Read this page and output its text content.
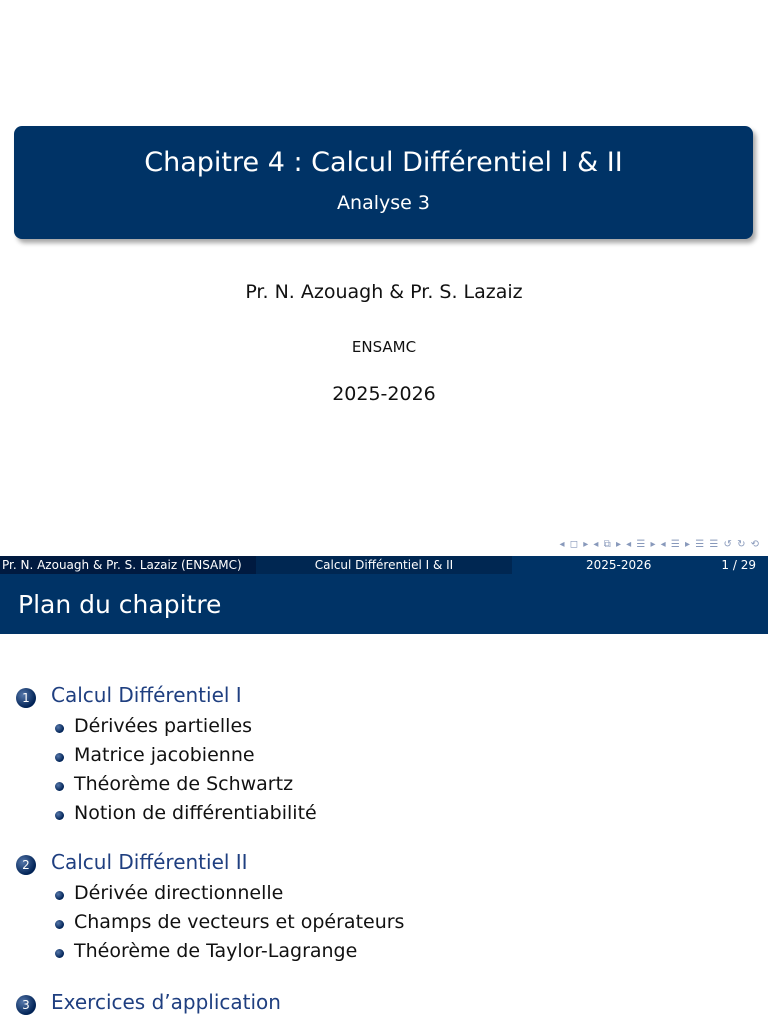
Chapitre 4 : Calcul Différentiel I & II
Analyse 3
Pr. N. Azouagh & Pr. S. Lazaiz
ENSAMC
2025-2026
◂ ◻ ▸ ◂ ⧉ ▸ ◂ ☰ ▸ ◂ ☰ ▸ ☰ ☰ ↺ ↻ ⟲
Pr. N. Azouagh & Pr. S. Lazaiz (ENSAMC)	Calcul Différentiel I & II	2025-2026	1 / 29
Plan du chapitre
1	Calcul Différentiel I
Dérivées partielles
Matrice jacobienne
Théorème de Schwartz
Notion de différentiabilité
2	Calcul Différentiel II
Dérivée directionnelle
Champs de vecteurs et opérateurs
Théorème de Taylor-Lagrange
3	Exercices d’application
